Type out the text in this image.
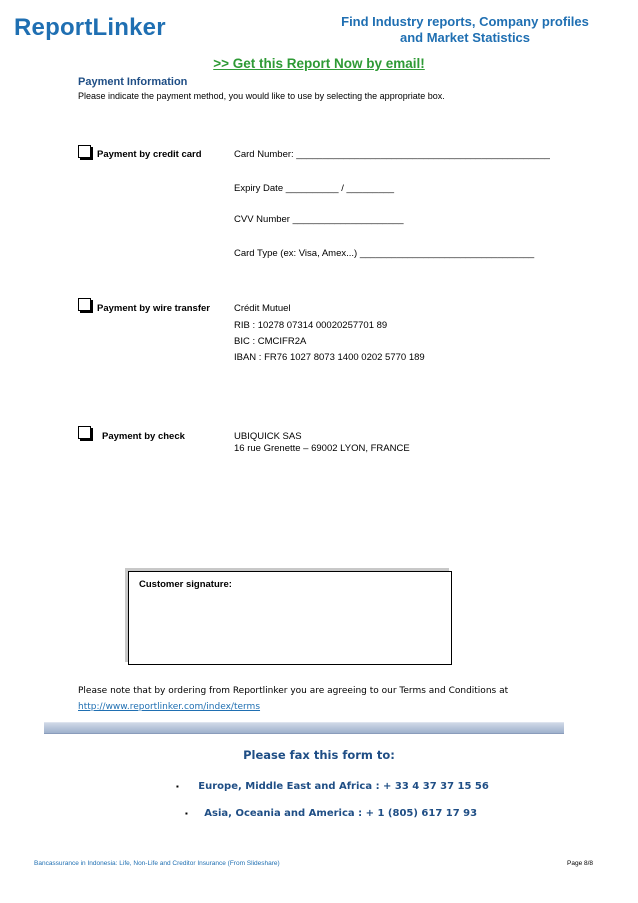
ReportLinker	Find Industry reports, Company profiles
and Market Statistics
>> Get this Report Now by email!
Payment Information
Please indicate the payment method, you would like to use by selecting the appropriate box.
Payment by credit card	Card Number: ________________________________________________
Expiry Date __________ / _________
CVV Number _____________________
Card Type (ex: Visa, Amex...) _________________________________
Payment by wire transfer	Crédit Mutuel
RIB : 10278 07314 00020257701 89
BIC : CMCIFR2A
IBAN : FR76 1027 8073 1400 0202 5770 189
Payment by check	UBIQUICK SAS
16 rue Grenette – 69002 LYON, FRANCE
Customer signature:
Please note that by ordering from Reportlinker you are agreeing to our Terms and Conditions at
http://www.reportlinker.com/index/terms
Please fax this form to:
▪ Europe, Middle East and Africa : + 33 4 37 37 15 56
▪ Asia, Oceania and America : + 1 (805) 617 17 93
Bancassurance in Indonesia: Life, Non-Life and Creditor Insurance (From Slideshare)	Page 8/8
